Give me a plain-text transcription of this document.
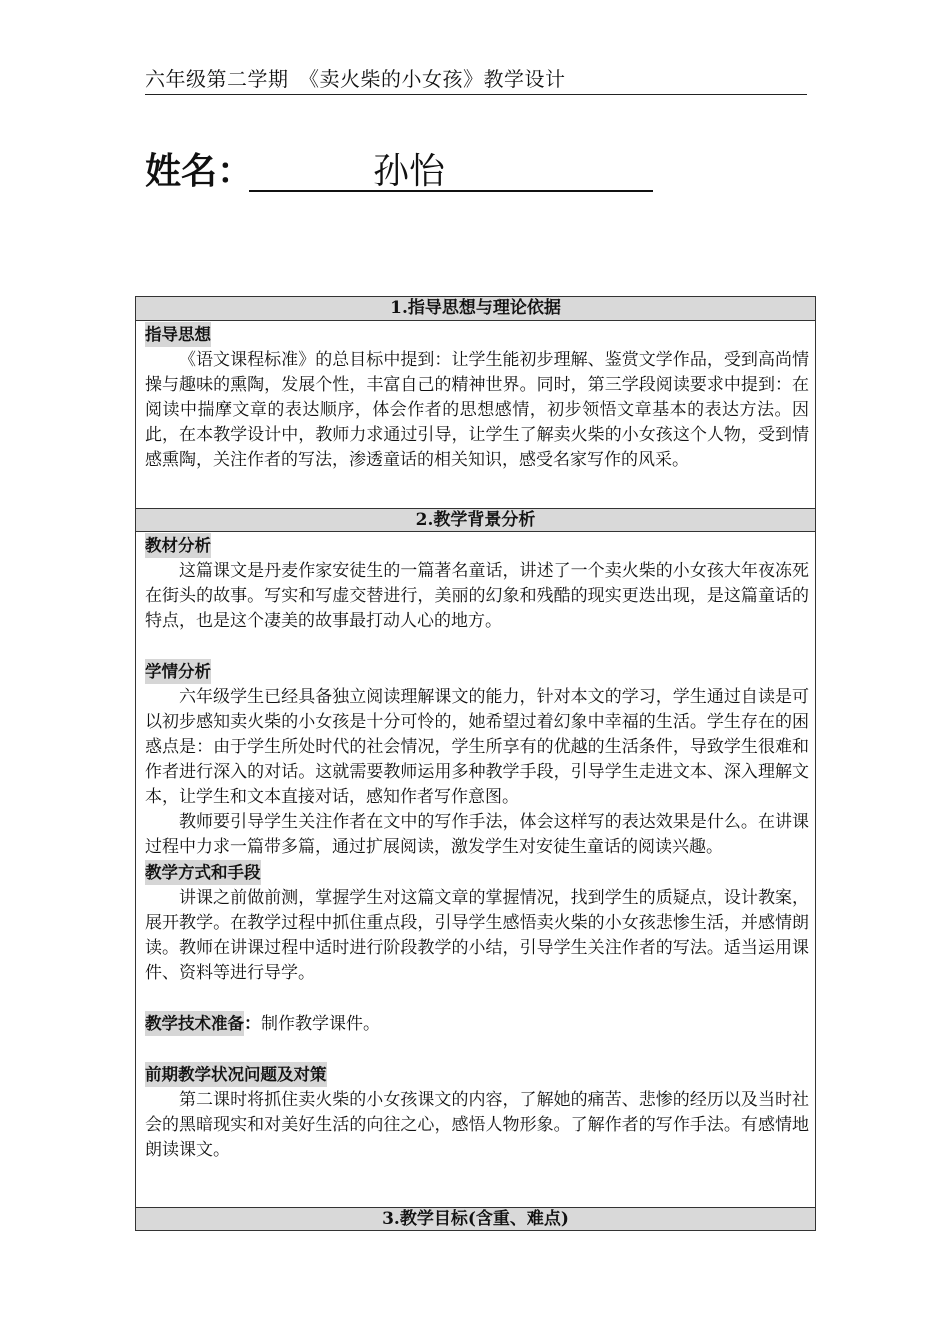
六年级第二学期　《卖火柴的小女孩》教学设计
姓名：	孙怡
1.指导思想与理论依据
指导思想

《语文课程标准》的总目标中提到：让学生能初步理解、鉴赏文学作品，受到高尚情操与趣味的熏陶，发展个性，丰富自己的精神世界。同时，第三学段阅读要求中提到：在阅读中揣摩文章的表达顺序，体会作者的思想感情，初步领悟文章基本的表达方法。因此，在本教学设计中，教师力求通过引导，让学生了解卖火柴的小女孩这个人物，受到情感熏陶，关注作者的写法，渗透童话的相关知识，感受名家写作的风采。

2.教学背景分析
教材分析

这篇课文是丹麦作家安徒生的一篇著名童话，讲述了一个卖火柴的小女孩大年夜冻死在街头的故事。写实和写虚交替进行，美丽的幻象和残酷的现实更迭出现，是这篇童话的特点，也是这个凄美的故事最打动人心的地方。

学情分析

六年级学生已经具备独立阅读理解课文的能力，针对本文的学习，学生通过自读是可以初步感知卖火柴的小女孩是十分可怜的，她希望过着幻象中幸福的生活。学生存在的困惑点是：由于学生所处时代的社会情况，学生所享有的优越的生活条件，导致学生很难和作者进行深入的对话。这就需要教师运用多种教学手段，引导学生走进文本、深入理解文本，让学生和文本直接对话，感知作者写作意图。

教师要引导学生关注作者在文中的写作手法，体会这样写的表达效果是什么。在讲课过程中力求一篇带多篇，通过扩展阅读，激发学生对安徒生童话的阅读兴趣。

教学方式和手段

讲课之前做前测，掌握学生对这篇文章的掌握情况，找到学生的质疑点，设计教案，展开教学。在教学过程中抓住重点段，引导学生感悟卖火柴的小女孩悲惨生活，并感情朗读。教师在讲课过程中适时进行阶段教学的小结，引导学生关注作者的写法。适当运用课件、资料等进行导学。

教学技术准备：制作教学课件。
前期教学状况问题及对策

第二课时将抓住卖火柴的小女孩课文的内容，了解她的痛苦、悲惨的经历以及当时社会的黑暗现实和对美好生活的向往之心，感悟人物形象。了解作者的写作手法。有感情地朗读课文。

3.教学目标(含重、难点)
